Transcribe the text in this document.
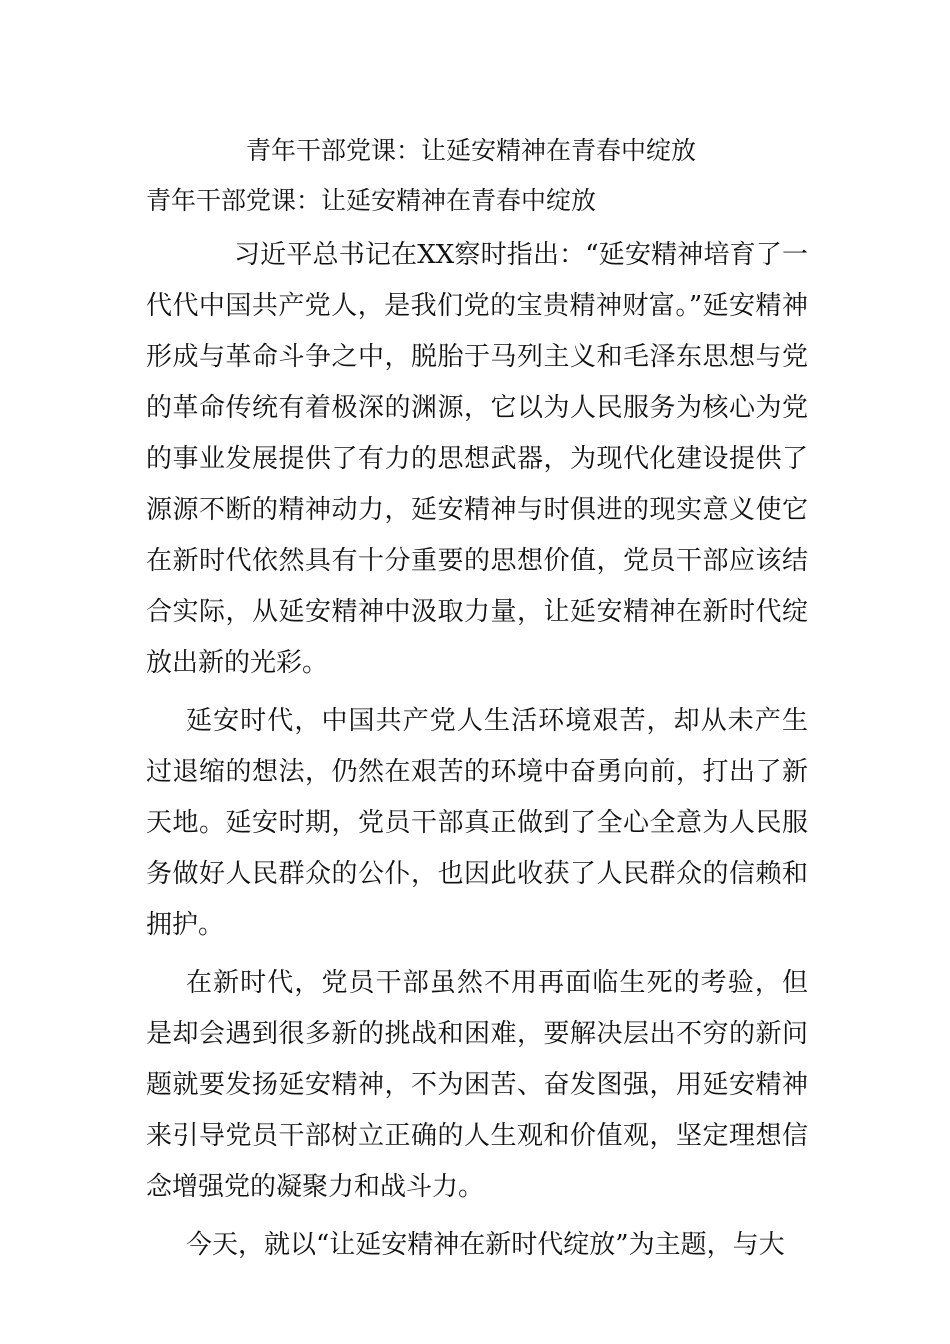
青年干部党课：让延安精神在青春中绽放
青年干部党课：让延安精神在青春中绽放

习近平总书记在XX察时指出：“延安精神培育了一代代中国共产党人，是我们党的宝贵精神财富。”延安精神形成与革命斗争之中，脱胎于马列主义和毛泽东思想与党的革命传统有着极深的渊源，它以为人民服务为核心为党的事业发展提供了有力的思想武器，为现代化建设提供了源源不断的精神动力，延安精神与时俱进的现实意义使它在新时代依然具有十分重要的思想价值，党员干部应该结合实际，从延安精神中汲取力量，让延安精神在新时代绽放出新的光彩。

延安时代，中国共产党人生活环境艰苦，却从未产生过退缩的想法，仍然在艰苦的环境中奋勇向前，打出了新天地。延安时期，党员干部真正做到了全心全意为人民服务做好人民群众的公仆，也因此收获了人民群众的信赖和拥护。

在新时代，党员干部虽然不用再面临生死的考验，但是却会遇到很多新的挑战和困难，要解决层出不穷的新问题就要发扬延安精神，不为困苦、奋发图强，用延安精神来引导党员干部树立正确的人生观和价值观，坚定理想信念增强党的凝聚力和战斗力。

今天，就以“让延安精神在新时代绽放”为主题，与大
